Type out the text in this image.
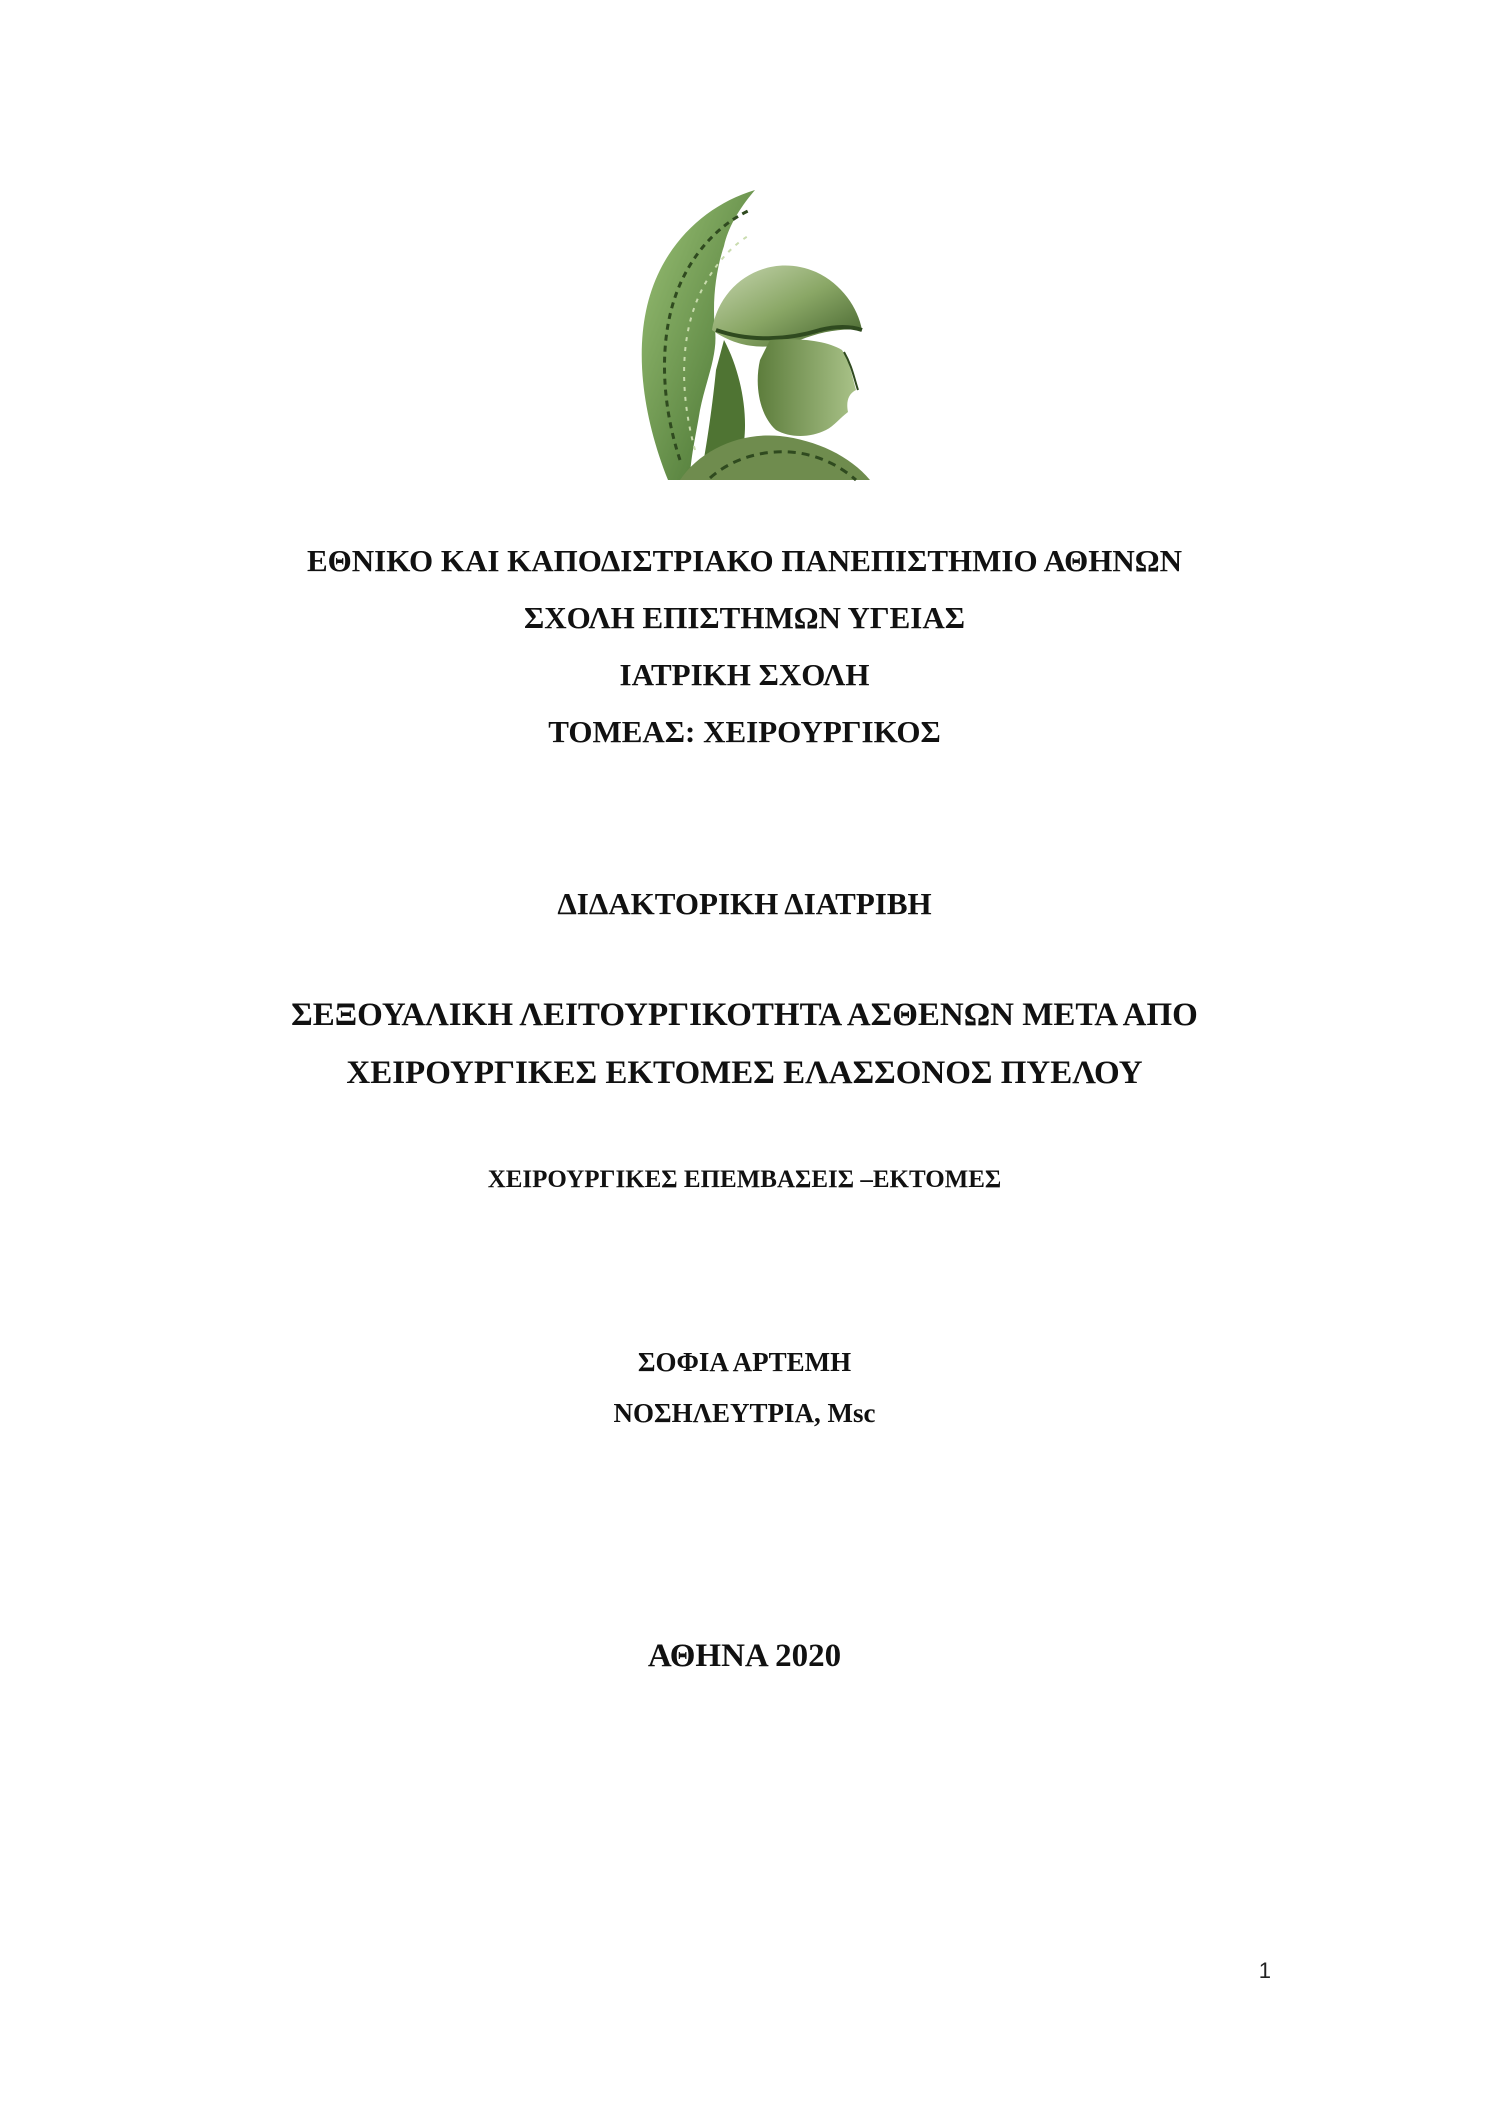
ΕΘΝΙΚΟ ΚΑΙ ΚΑΠΟΔΙΣΤΡΙΑΚΟ ΠΑΝΕΠΙΣΤΗΜΙΟ ΑΘΗΝΩΝ
ΣΧΟΛΗ ΕΠΙΣΤΗΜΩΝ ΥΓΕΙΑΣ
ΙΑΤΡΙΚΗ ΣΧΟΛΗ
ΤΟΜΕΑΣ: ΧΕΙΡΟΥΡΓΙΚΟΣ
ΔΙΔΑΚΤΟΡΙΚΗ ΔΙΑΤΡΙΒΗ
ΣΕΞΟΥΑΛΙΚΗ ΛΕΙΤΟΥΡΓΙΚΟΤΗΤΑ ΑΣΘΕΝΩΝ ΜΕΤΑ ΑΠΟ
ΧΕΙΡΟΥΡΓΙΚΕΣ ΕΚΤΟΜΕΣ ΕΛΑΣΣΟΝΟΣ ΠΥΕΛΟΥ
ΧΕΙΡΟΥΡΓΙΚΕΣ ΕΠΕΜΒΑΣΕΙΣ –ΕΚΤΟΜΕΣ
ΣΟΦΙΑ ΑΡΤΕΜΗ
ΝΟΣΗΛΕΥΤΡΙΑ, Msc
ΑΘΗΝΑ 2020
1
